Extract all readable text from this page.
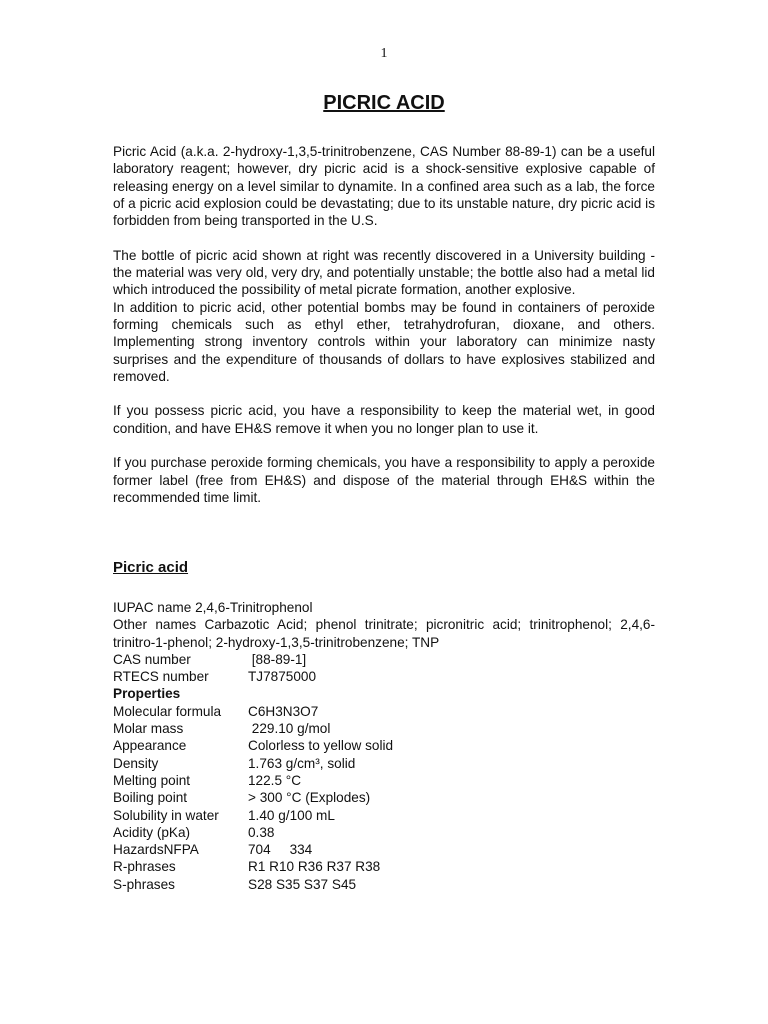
1
PICRIC ACID

Picric Acid (a.k.a. 2-hydroxy-1,3,5-trinitrobenzene, CAS Number 88-89-1) can be a useful laboratory reagent; however, dry picric acid is a shock-sensitive explosive capable of releasing energy on a level similar to dynamite. In a confined area such as a lab, the force of a picric acid explosion could be devastating; due to its unstable nature, dry picric acid is forbidden from being transported in the U.S.

The bottle of picric acid shown at right was recently discovered in a University building - the material was very old, very dry, and potentially unstable; the bottle also had a metal lid which introduced the possibility of metal picrate formation, another explosive.

In addition to picric acid, other potential bombs may be found in containers of peroxide forming chemicals such as ethyl ether, tetrahydrofuran, dioxane, and others. Implementing strong inventory controls within your laboratory can minimize nasty surprises and the expenditure of thousands of dollars to have explosives stabilized and removed.

If you possess picric acid, you have a responsibility to keep the material wet, in good condition, and have EH&S remove it when you no longer plan to use it.

If you purchase peroxide forming chemicals, you have a responsibility to apply a peroxide former label (free from EH&S) and dispose of the material through EH&S within the recommended time limit.

Picric acid

IUPAC name 2,4,6-Trinitrophenol

Other names Carbazotic Acid; phenol trinitrate; picronitric acid; trinitrophenol; 2,4,6-trinitro-1-phenol; 2-hydroxy-1,3,5-trinitrobenzene; TNP

CAS number	[88-89-1]
RTECS number	TJ7875000
Properties
Molecular formula	C6H3N3O7
Molar mass	229.10 g/mol
Appearance	Colorless to yellow solid
Density	1.763 g/cm³, solid
Melting point	122.5 °C
Boiling point	> 300 °C (Explodes)
Solubility in water	1.40 g/100 mL
Acidity (pKa)	0.38
HazardsNFPA	704     334
R-phrases	R1 R10 R36 R37 R38
S-phrases	S28 S35 S37 S45
